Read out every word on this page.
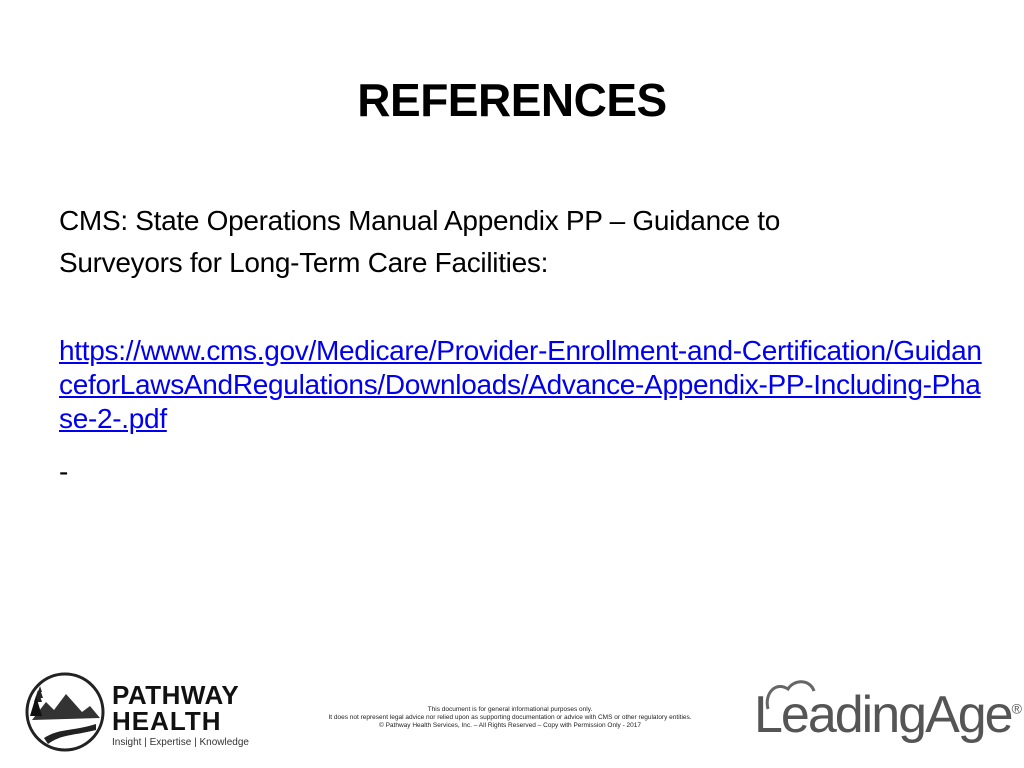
REFERENCES
CMS: State Operations Manual Appendix PP – Guidance to
Surveyors for Long-Term Care Facilities:
https://www.cms.gov/Medicare/Provider-Enrollment-and-Certification/GuidanceforLawsAndRegulations/Downloads/Advance-Appendix-PP-Including-Phase-2-.pdf
-
PATHWAY
HEALTH
Insight | Expertise | Knowledge
This document is for general informational purposes only.
It does not represent legal advice nor relied upon as supporting documentation or advice with CMS or other regulatory entities.
© Pathway Health Services, Inc. – All Rights Reserved – Copy with Permission Only - 2017	LeadingAge®
